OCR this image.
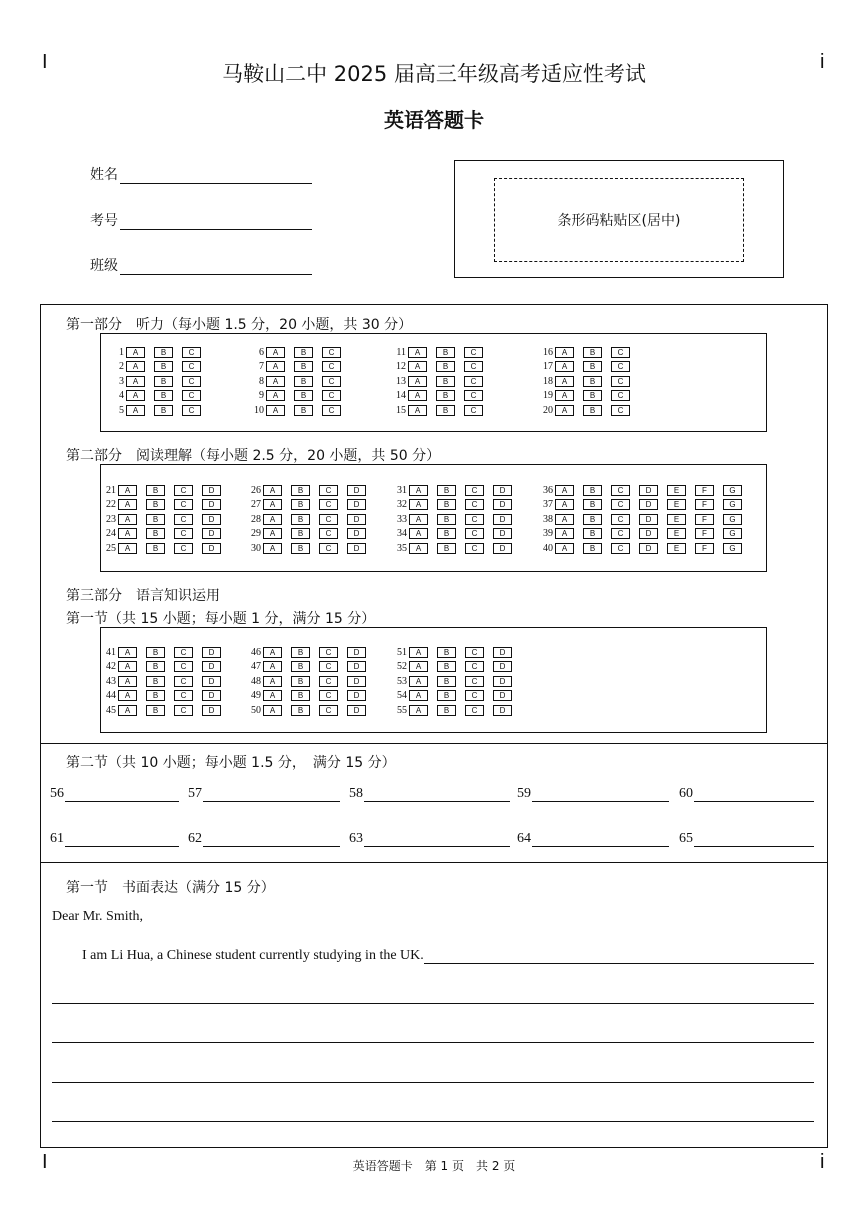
I	i
I	i
马鞍山二中 2025 届高三年级高考适应性考试
英语答题卡
姓名
考号
班级
条形码粘贴区(居中)
第一部分　听力（每小题 1.5 分，20 小题，共 30 分）
1	A	B	C
2	A	B	C
3	A	B	C
4	A	B	C
5	A	B	C
6	A	B	C
7	A	B	C
8	A	B	C
9	A	B	C
10	A	B	C
11	A	B	C
12	A	B	C
13	A	B	C
14	A	B	C
15	A	B	C
16	A	B	C
17	A	B	C
18	A	B	C
19	A	B	C
20	A	B	C
第二部分　阅读理解（每小题 2.5 分，20 小题，共 50 分）
21	A	B	C	D
22	A	B	C	D
23	A	B	C	D
24	A	B	C	D
25	A	B	C	D
26	A	B	C	D
27	A	B	C	D
28	A	B	C	D
29	A	B	C	D
30	A	B	C	D
31	A	B	C	D
32	A	B	C	D
33	A	B	C	D
34	A	B	C	D
35	A	B	C	D
36	A	B	C	D	E	F	G
37	A	B	C	D	E	F	G
38	A	B	C	D	E	F	G
39	A	B	C	D	E	F	G
40	A	B	C	D	E	F	G
第三部分　语言知识运用
第一节（共 15 小题；每小题 1 分，满分 15 分）
41	A	B	C	D
42	A	B	C	D
43	A	B	C	D
44	A	B	C	D
45	A	B	C	D
46	A	B	C	D
47	A	B	C	D
48	A	B	C	D
49	A	B	C	D
50	A	B	C	D
51	A	B	C	D
52	A	B	C	D
53	A	B	C	D
54	A	B	C	D
55	A	B	C	D
第二节（共 10 小题；每小题 1.5 分，　满分 15 分）
56	57	58	59	60
61	62	63	64	65
第一节　书面表达（满分 15 分）
Dear Mr. Smith,
I am Li Hua, a Chinese student currently studying in the UK.
英语答题卡　第 1 页　共 2 页
